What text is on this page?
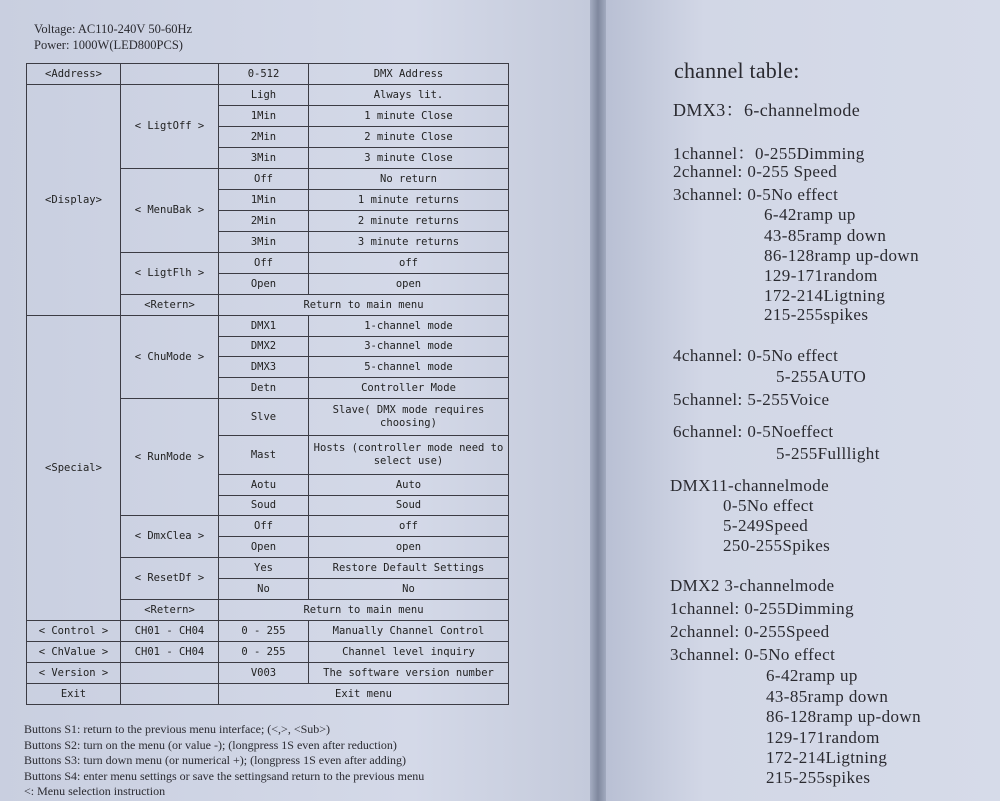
Voltage: AC110-240V 50-60Hz
Power: 1000W(LED800PCS)
<Address>		0-512	DMX Address
<Display>	< LigtOff >	Ligh	Always lit.
		1Min	1 minute Close
		2Min	2 minute Close
		3Min	3 minute Close
	< MenuBak >	Off	No return
		1Min	1 minute returns
		2Min	2 minute returns
		3Min	3 minute returns
	< LigtFlh >	Off	off
		Open	open
	<Retern>	Return to main menu	
<Special>	< ChuMode >	DMX1	1-channel mode
		DMX2	3-channel mode
		DMX3	5-channel mode
		Detn	Controller Mode
	< RunMode >	Slve	Slave( DMX mode requires choosing)
		Mast	Hosts (controller mode need to select use)
		Aotu	Auto
		Soud	Soud
	< DmxClea >	Off	off
		Open	open
	< ResetDf >	Yes	Restore Default Settings
		No	No
	<Retern>	Return to main menu	
< Control >	CH01 - CH04	0 - 255	Manually Channel Control
< ChValue >	CH01 - CH04	0 - 255	Channel level inquiry
< Version >		V003	The software version number
Exit		Exit menu	
Buttons S1: return to the previous menu interface; (<,>, <Sub>)
Buttons S2: turn on the menu (or value -); (longpress 1S even after reduction)
Buttons S3: turn down menu (or numerical +); (longpress 1S even after adding)
Buttons S4: enter menu settings or save the settingsand return to the previous menu
<: Menu selection instruction
channel table:
DMX3：6-channelmode
1channel：0-255Dimming
2channel: 0-255 Speed
3channel: 0-5No effect
6-42ramp up
43-85ramp down
86-128ramp up-down
129-171random
172-214Ligtning
215-255spikes
4channel: 0-5No effect
5-255AUTO
5channel: 5-255Voice
6channel: 0-5Noeffect
5-255Fulllight
DMX11-channelmode
0-5No effect
5-249Speed
250-255Spikes
DMX2 3-channelmode
1channel: 0-255Dimming
2channel: 0-255Speed
3channel: 0-5No effect
6-42ramp up
43-85ramp down
86-128ramp up-down
129-171random
172-214Ligtning
215-255spikes
